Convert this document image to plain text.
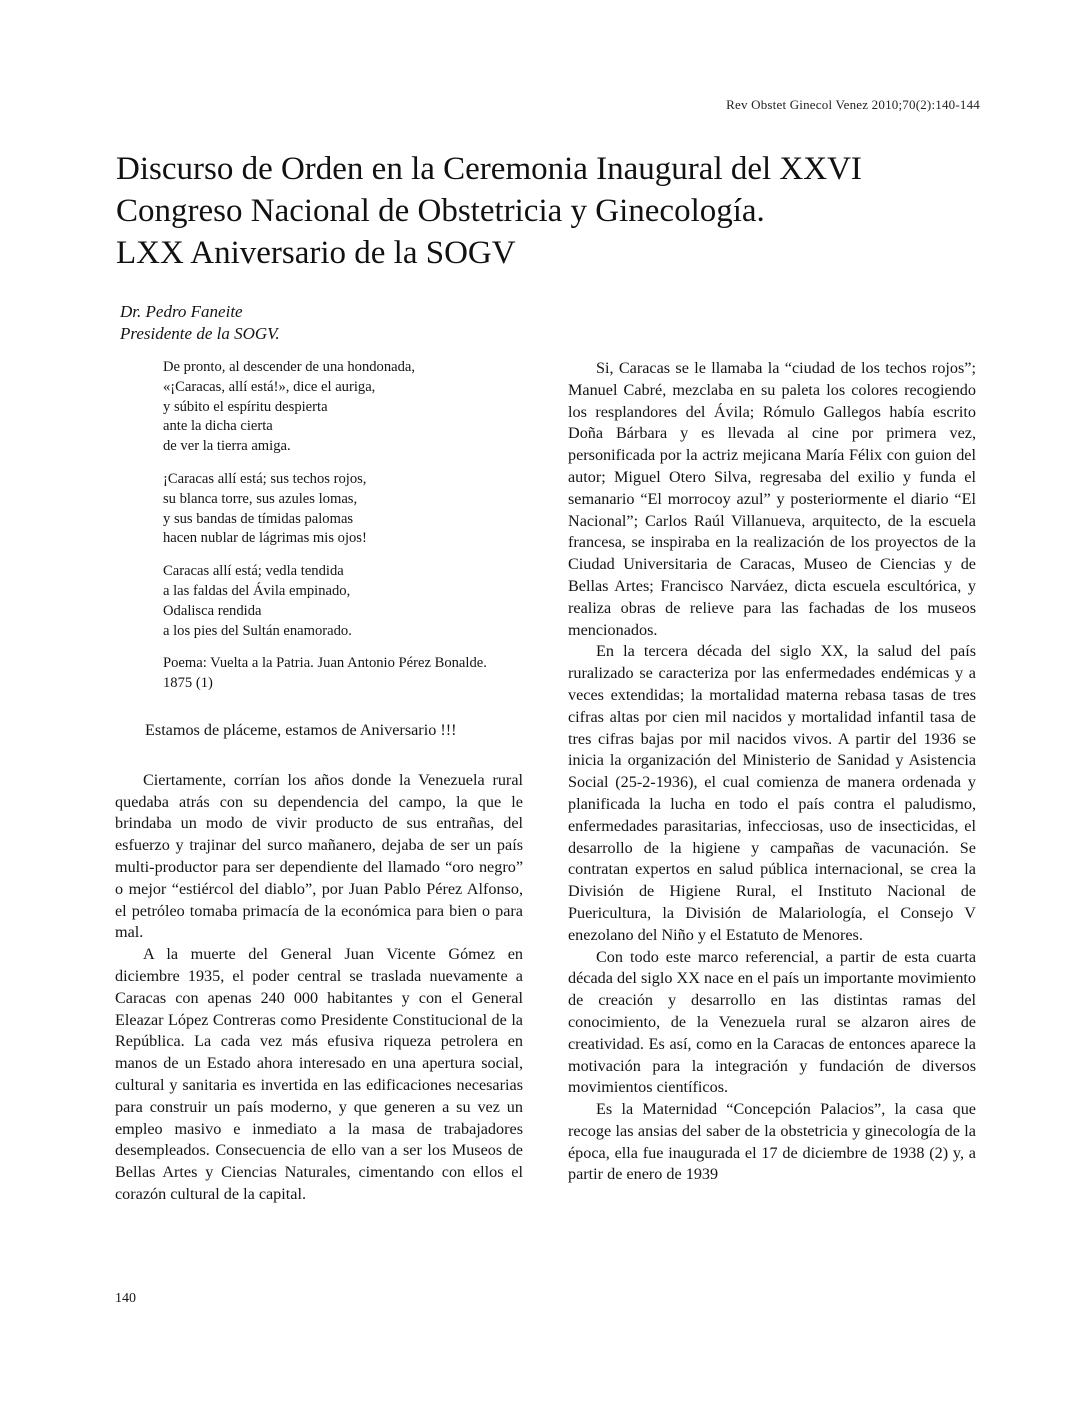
Rev Obstet Ginecol Venez 2010;70(2):140-144
Discurso de Orden en la Ceremonia Inaugural del XXVI
Congreso Nacional de Obstetricia y Ginecología.
LXX Aniversario de la SOGV
Dr. Pedro Faneite
Presidente de la SOGV.
De pronto, al descender de una hondonada,
«¡Caracas, allí está!», dice el auriga,
y súbito el espíritu despierta
ante la dicha cierta
de ver la tierra amiga.
¡Caracas allí está; sus techos rojos,
su blanca torre, sus azules lomas,
y sus bandas de tímidas palomas
hacen nublar de lágrimas mis ojos!
Caracas allí está; vedla tendida
a las faldas del Ávila empinado,
Odalisca rendida
a los pies del Sultán enamorado.

Poema: Vuelta a la Patria. Juan Antonio Pérez Bonalde. 1875 (1)

Estamos de pláceme, estamos de Aniversario !!!

Ciertamente, corrían los años donde la Venezuela rural quedaba atrás con su dependencia del campo, la que le brindaba un modo de vivir producto de sus entrañas, del esfuerzo y trajinar del surco mañanero, dejaba de ser un país multi-productor para ser dependiente del llamado “oro negro” o mejor “estiércol del diablo”, por Juan Pablo Pérez Alfonso, el petróleo tomaba primacía de la económica para bien o para mal.

A la muerte del General Juan Vicente Gómez en diciembre 1935, el poder central se traslada nuevamente a Caracas con apenas 240 000 habitantes y con el General Eleazar López Contreras como Presidente Constitucional de la República. La cada vez más efusiva riqueza petrolera en manos de un Estado ahora interesado en una apertura social, cultural y sanitaria es invertida en las edificaciones necesarias para construir un país moderno, y que generen a su vez un empleo masivo e inmediato a la masa de trabajadores desempleados. Consecuencia de ello van a ser los Museos de Bellas Artes y Ciencias Naturales, cimentando con ellos el corazón cultural de la capital.

Si, Caracas se le llamaba la “ciudad de los techos rojos”; Manuel Cabré, mezclaba en su paleta los colores recogiendo los resplandores del Ávila; Rómulo Gallegos había escrito Doña Bárbara y es llevada al cine por primera vez, personificada por la actriz mejicana María Félix con guion del autor; Miguel Otero Silva, regresaba del exilio y funda el semanario “El morrocoy azul” y posteriormente el diario “El Nacional”; Carlos Raúl Villanueva, arquitecto, de la escuela francesa, se inspiraba en la realización de los proyectos de la Ciudad Universitaria de Caracas, Museo de Ciencias y de Bellas Artes; Francisco Narváez, dicta escuela escultórica, y realiza obras de relieve para las fachadas de los museos mencionados.

En la tercera década del siglo XX, la salud del país ruralizado se caracteriza por las enfermedades endémicas y a veces extendidas; la mortalidad materna rebasa tasas de tres cifras altas por cien mil nacidos y mortalidad infantil tasa de tres cifras bajas por mil nacidos vivos. A partir del 1936 se inicia la organización del Ministerio de Sanidad y Asistencia Social (25-2-1936), el cual comienza de manera ordenada y planificada la lucha en todo el país contra el paludismo, enfermedades parasitarias, infecciosas, uso de insecticidas, el desarrollo de la higiene y campañas de vacunación. Se contratan expertos en salud pública internacional, se crea la División de Higiene Rural, el Instituto Nacional de Puericultura, la División de Malariología, el Consejo V enezolano del Niño y el Estatuto de Menores.

Con todo este marco referencial, a partir de esta cuarta década del siglo XX nace en el país un importante movimiento de creación y desarrollo en las distintas ramas del conocimiento, de la Venezuela rural se alzaron aires de creatividad. Es así, como en la Caracas de entonces aparece la motivación para la integración y fundación de diversos movimientos científicos.

Es la Maternidad “Concepción Palacios”, la casa que recoge las ansias del saber de la obstetricia y ginecología de la época, ella fue inaugurada el 17 de diciembre de 1938 (2) y, a partir de enero de 1939

140
